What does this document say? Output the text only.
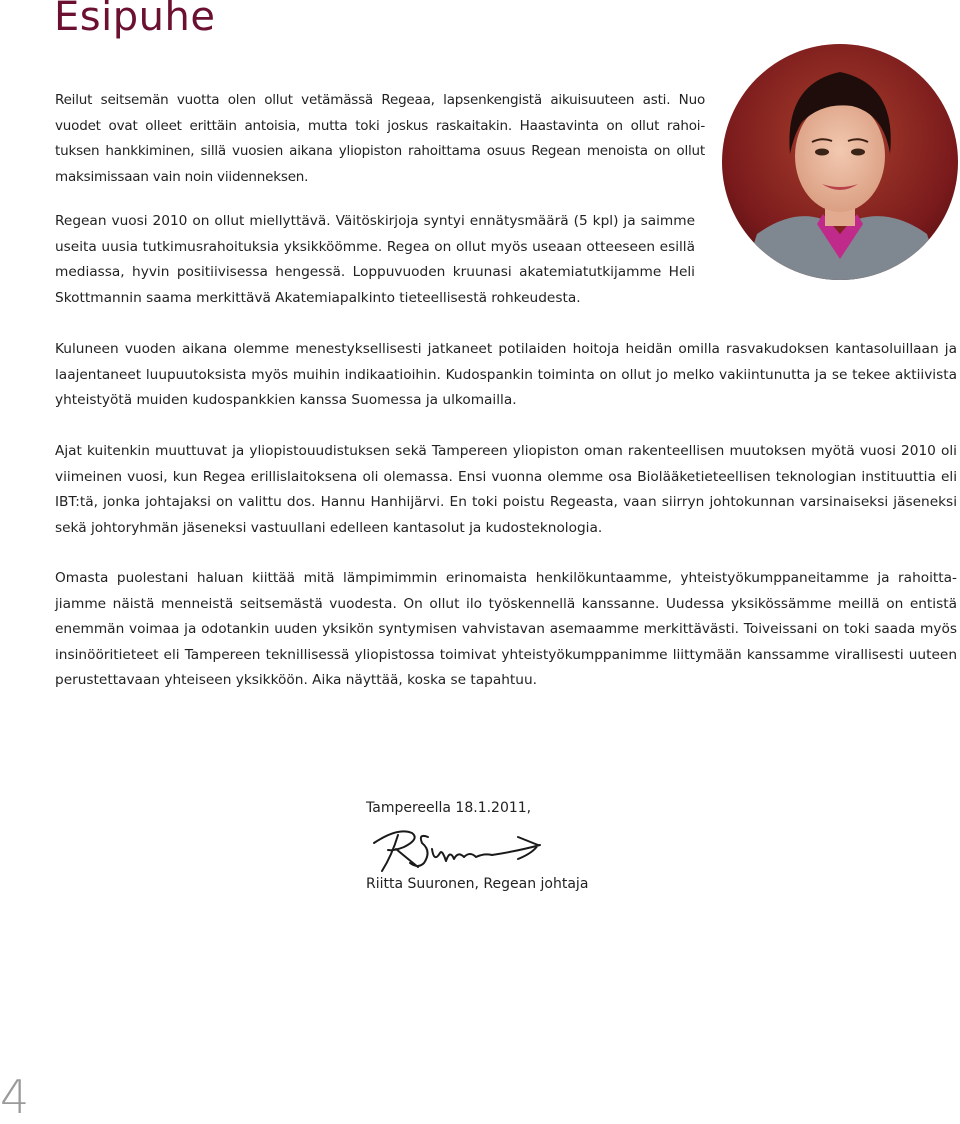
Esipuhe

Reilut seitsemän vuotta olen ollut vetämässä Regeaa, lapsenkengistä aikuisuuteen asti. Nuo vuodet ovat olleet erittäin antoisia, mutta toki joskus raskaitakin. Haastavinta on ollut rahoi- tuksen hankkiminen, sillä vuosien aikana yliopiston rahoittama osuus Regean menoista on ollut maksimissaan vain noin viidenneksen.

Regean vuosi 2010 on ollut miellyttävä. Väitöskirjoja syntyi ennätysmäärä (5 kpl) ja saimme useita uusia tutkimusrahoituksia yksikköömme. Regea on ollut myös useaan otteeseen esillä mediassa, hyvin positiivisessa hengessä. Loppuvuoden kruunasi akatemiatutkijamme Heli Skottmannin saama merkittävä Akatemiapalkinto tieteellisestä rohkeudesta.

Kuluneen vuoden aikana olemme menestyksellisesti jatkaneet potilaiden hoitoja heidän omilla rasvakudoksen kantasoluillaan ja laajentaneet luupuutoksista myös muihin indikaatioihin. Kudospankin toiminta on ollut jo melko vakiintunutta ja se tekee aktiivista yhteistyötä muiden kudospankkien kanssa Suomessa ja ulkomailla.

Ajat kuitenkin muuttuvat ja yliopistouudistuksen sekä Tampereen yliopiston oman rakenteellisen muutoksen myötä vuosi 2010 oli viimeinen vuosi, kun Regea erillislaitoksena oli olemassa. Ensi vuonna olemme osa Biolääketieteellisen teknologian instituuttia eli IBT:tä, jonka johtajaksi on valittu dos. Hannu Hanhijärvi. En toki poistu Regeasta, vaan siirryn johtokunnan varsinaiseksi jäseneksi sekä johtoryhmän jäseneksi vastuullani edelleen kantasolut ja kudosteknologia.

Omasta puolestani haluan kiittää mitä lämpimimmin erinomaista henkilökuntaamme, yhteistyökumppaneitamme ja rahoitta- jiamme näistä menneistä seitsemästä vuodesta. On ollut ilo työskennellä kanssanne. Uudessa yksikössämme meillä on entistä enemmän voimaa ja odotankin uuden yksikön syntymisen vahvistavan asemaamme merkittävästi. Toiveissani on toki saada myös insinööritieteet eli Tampereen teknillisessä yliopistossa toimivat yhteistyökumppanimme liittymään kanssamme virallisesti uuteen perustettavaan yhteiseen yksikköön. Aika näyttää, koska se tapahtuu.

Tampereella 18.1.2011,

Riitta Suuronen, Regean johtaja

4
